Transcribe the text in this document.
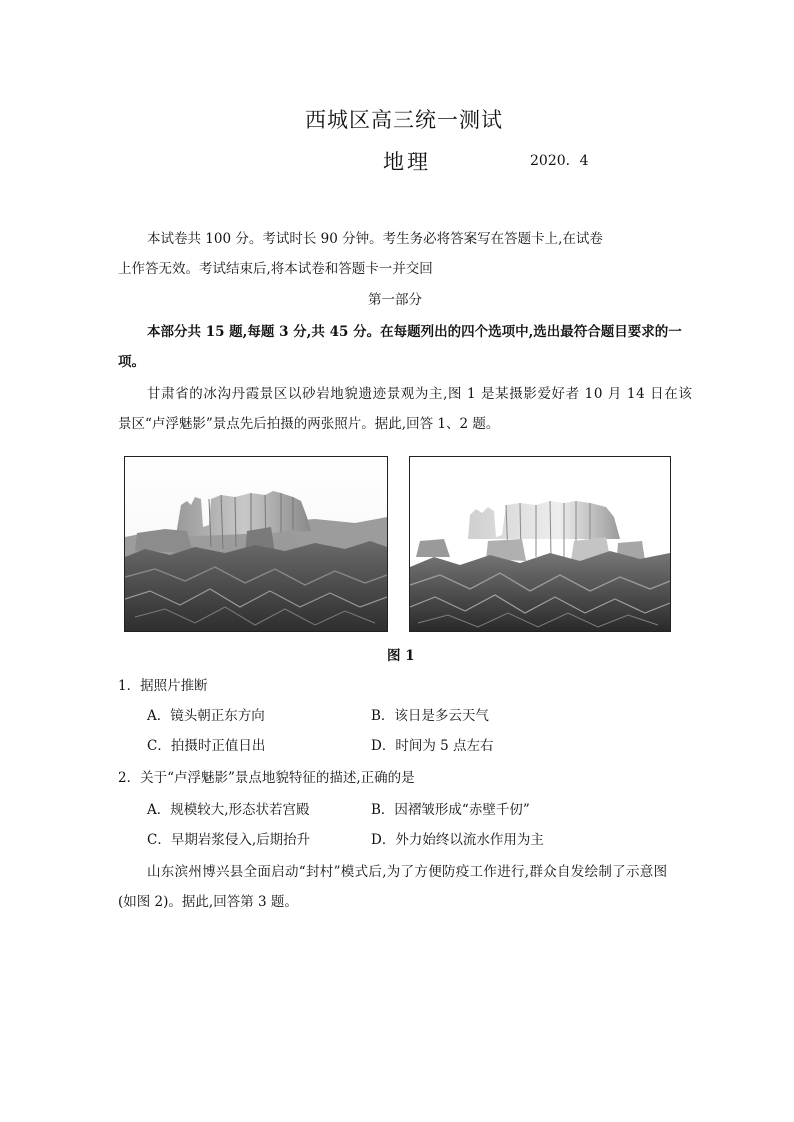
西城区高三统一测试
地理	2020．4
本试卷共 100 分。考试时长 90 分钟。考生务必将答案写在答题卡上,在试卷
上作答无效。考试结束后,将本试卷和答题卡一并交回
第一部分
本部分共 15 题,每题 3 分,共 45 分。在每题列出的四个选项中,选出最符合题目要求的一
项。
甘肃省的冰沟丹霞景区以砂岩地貌遗迹景观为主,图 1 是某摄影爱好者 10 月 14 日在该
景区“卢浮魅影”景点先后拍摄的两张照片。据此,回答 1、2 题。
图 1
1．据照片推断
A．镜头朝正东方向	B．该日是多云天气
C．拍摄时正值日出	D．时间为 5 点左右
2．关于“卢浮魅影”景点地貌特征的描述,正确的是
A．规模较大,形态状若宫殿	B．因褶皱形成“赤壁千仞”
C．早期岩浆侵入,后期抬升	D．外力始终以流水作用为主
山东滨州博兴县全面启动“封村”模式后,为了方便防疫工作进行,群众自发绘制了示意图
(如图 2)。据此,回答第 3 题。
